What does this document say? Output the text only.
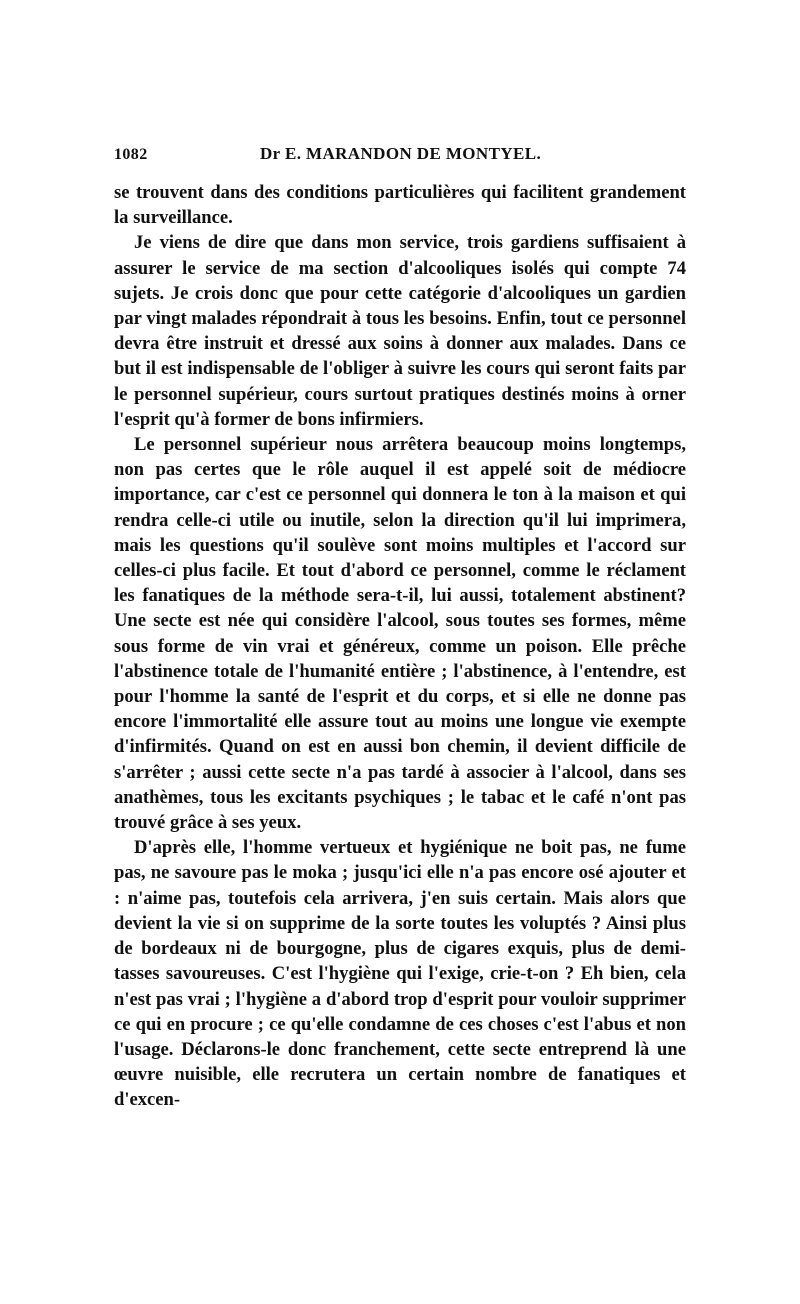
1082	Dr E. MARANDON DE MONTYEL.

se trouvent dans des conditions particulières qui facilitent grandement la surveillance.

Je viens de dire que dans mon service, trois gardiens suffisaient à assurer le service de ma section d'alcooliques isolés qui compte 74 sujets. Je crois donc que pour cette catégorie d'alcooliques un gardien par vingt malades répondrait à tous les besoins. Enfin, tout ce personnel devra être instruit et dressé aux soins à donner aux malades. Dans ce but il est indispensable de l'obliger à suivre les cours qui seront faits par le personnel supérieur, cours surtout pratiques destinés moins à orner l'esprit qu'à former de bons infirmiers.

Le personnel supérieur nous arrêtera beaucoup moins longtemps, non pas certes que le rôle auquel il est appelé soit de médiocre importance, car c'est ce personnel qui donnera le ton à la maison et qui rendra celle-ci utile ou inutile, selon la direction qu'il lui imprimera, mais les questions qu'il soulève sont moins multiples et l'accord sur celles-ci plus facile. Et tout d'abord ce personnel, comme le réclament les fanatiques de la méthode sera-t-il, lui aussi, totalement abstinent? Une secte est née qui considère l'alcool, sous toutes ses formes, même sous forme de vin vrai et généreux, comme un poison. Elle prêche l'abstinence totale de l'humanité entière ; l'abstinence, à l'entendre, est pour l'homme la santé de l'esprit et du corps, et si elle ne donne pas encore l'immortalité elle assure tout au moins une longue vie exempte d'infirmités. Quand on est en aussi bon chemin, il devient difficile de s'arrêter ; aussi cette secte n'a pas tardé à associer à l'alcool, dans ses anathèmes, tous les excitants psychiques ; le tabac et le café n'ont pas trouvé grâce à ses yeux.

D'après elle, l'homme vertueux et hygiénique ne boit pas, ne fume pas, ne savoure pas le moka ; jusqu'ici elle n'a pas encore osé ajouter et : n'aime pas, toutefois cela arrivera, j'en suis certain. Mais alors que devient la vie si on supprime de la sorte toutes les voluptés ? Ainsi plus de bordeaux ni de bourgogne, plus de cigares exquis, plus de demi-tasses savoureuses. C'est l'hygiène qui l'exige, crie-t-on ? Eh bien, cela n'est pas vrai ; l'hygiène a d'abord trop d'esprit pour vouloir supprimer ce qui en procure ; ce qu'elle condamne de ces choses c'est l'abus et non l'usage. Déclarons-le donc franchement, cette secte entreprend là une œuvre nuisible, elle recrutera un certain nombre de fanatiques et d'excen-
